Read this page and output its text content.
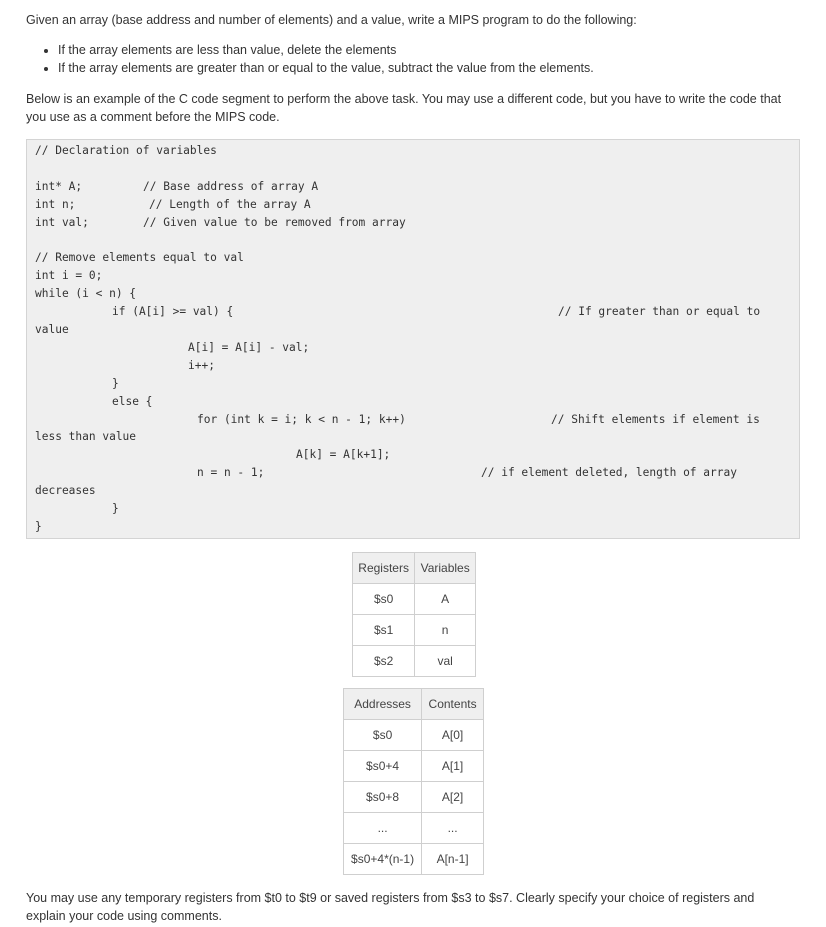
Given an array (base address and number of elements) and a value, write a MIPS program to do the following:
• If the array elements are less than value, delete the elements
• If the array elements are greater than or equal to the value, subtract the value from the elements.
Below is an example of the C code segment to perform the above task. You may use a different code, but you have to write the code that you use as a comment before the MIPS code.
// Declaration of variables
int* A;	// Base address of array A
int n;	// Length of the array A
int val;	// Given value to be removed from array
// Remove elements equal to val
int i = 0;
while (i < n) {
if (A[i] >= val) {	// If greater than or equal to
value
A[i] = A[i] - val;
i++;
}
else {
for (int k = i; k < n - 1; k++)	// Shift elements if element is
less than value
A[k] = A[k+1];
n = n - 1;	// if element deleted, length of array
decreases
}
}
Registers	Variables
$s0	A
$s1	n
$s2	val
Addresses	Contents
$s0	A[0]
$s0+4	A[1]
$s0+8	A[2]
...	...
$s0+4*(n-1)	A[n-1]
You may use any temporary registers from $t0 to $t9 or saved registers from $s3 to $s7. Clearly specify your choice of registers and explain your code using comments.
